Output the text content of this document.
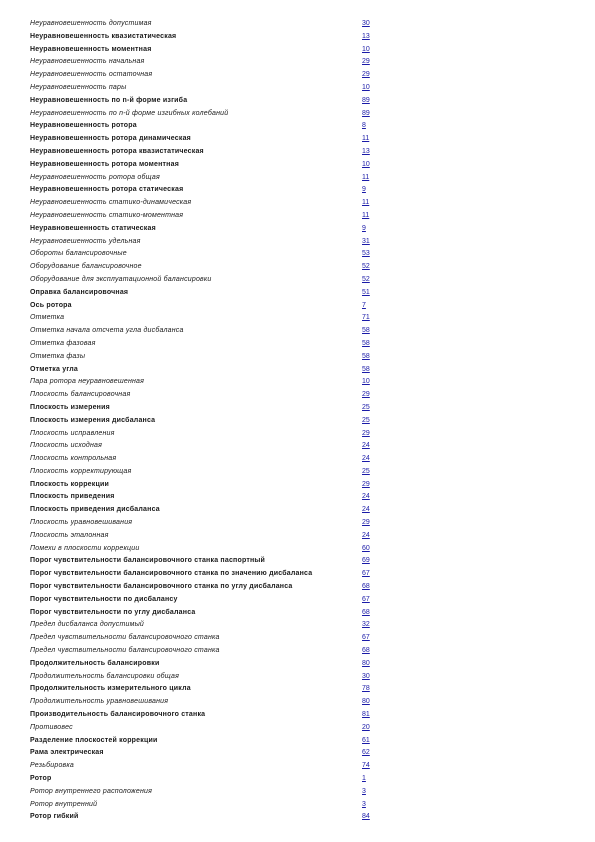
Неуравновешенность допустимая	30
Неуравновешенность квазистатическая	13
Неуравновешенность моментная	10
Неуравновешенность начальная	29
Неуравновешенность остаточная	29
Неуравновешенность пары	10
Неуравновешенность по n-й форме изгиба	89
Неуравновешенность по n-й форме изгибных колебаний	89
Неуравновешенность ротора	8
Неуравновешенность ротора динамическая	11
Неуравновешенность ротора квазистатическая	13
Неуравновешенность ротора моментная	10
Неуравновешенность ротора общая	11
Неуравновешенность ротора статическая	9
Неуравновешенность статико-динамическая	11
Неуравновешенность статико-моментная	11
Неуравновешенность статическая	9
Неуравновешенность удельная	31
Обороты балансировочные	53
Оборудование балансировочное	52
Оборудование для эксплуатационной балансировки	52
Оправка балансировочная	51
Ось ротора	7
Отметка	71
Отметка начала отсчета угла дисбаланса	58
Отметка фазовая	58
Отметка фазы	58
Отметка угла	58
Пара ротора неуравновешенная	10
Плоскость балансировочная	29
Плоскость измерения	25
Плоскость измерения дисбаланса	25
Плоскость исправления	29
Плоскость исходная	24
Плоскость контрольная	24
Плоскость корректирующая	25
Плоскость коррекции	29
Плоскость приведения	24
Плоскость приведения дисбаланса	24
Плоскость уравновешивания	29
Плоскость эталонная	24
Помехи в плоскости коррекции	60
Порог чувствительности балансировочного станка паспортный	69
Порог чувствительности балансировочного станка по значению дисбаланса	67
Порог чувствительности балансировочного станка по углу дисбаланса	68
Порог чувствительности по дисбалансу	67
Порог чувствительности по углу дисбаланса	68
Предел дисбаланса допустимый	32
Предел чувствительности балансировочного станка	67
Предел чувствительности балансировочного станка	68
Продолжительность балансировки	80
Продолжительность балансировки общая	30
Продолжительность измерительного цикла	78
Продолжительность уравновешивания	80
Производительность балансировочного станка	81
Противовес	20
Разделение плоскостей коррекции	61
Рама электрическая	62
Резьбировка	74
Ротор	1
Ротор внутреннего расположения	3
Ротор внутренний	3
Ротор гибкий	84
